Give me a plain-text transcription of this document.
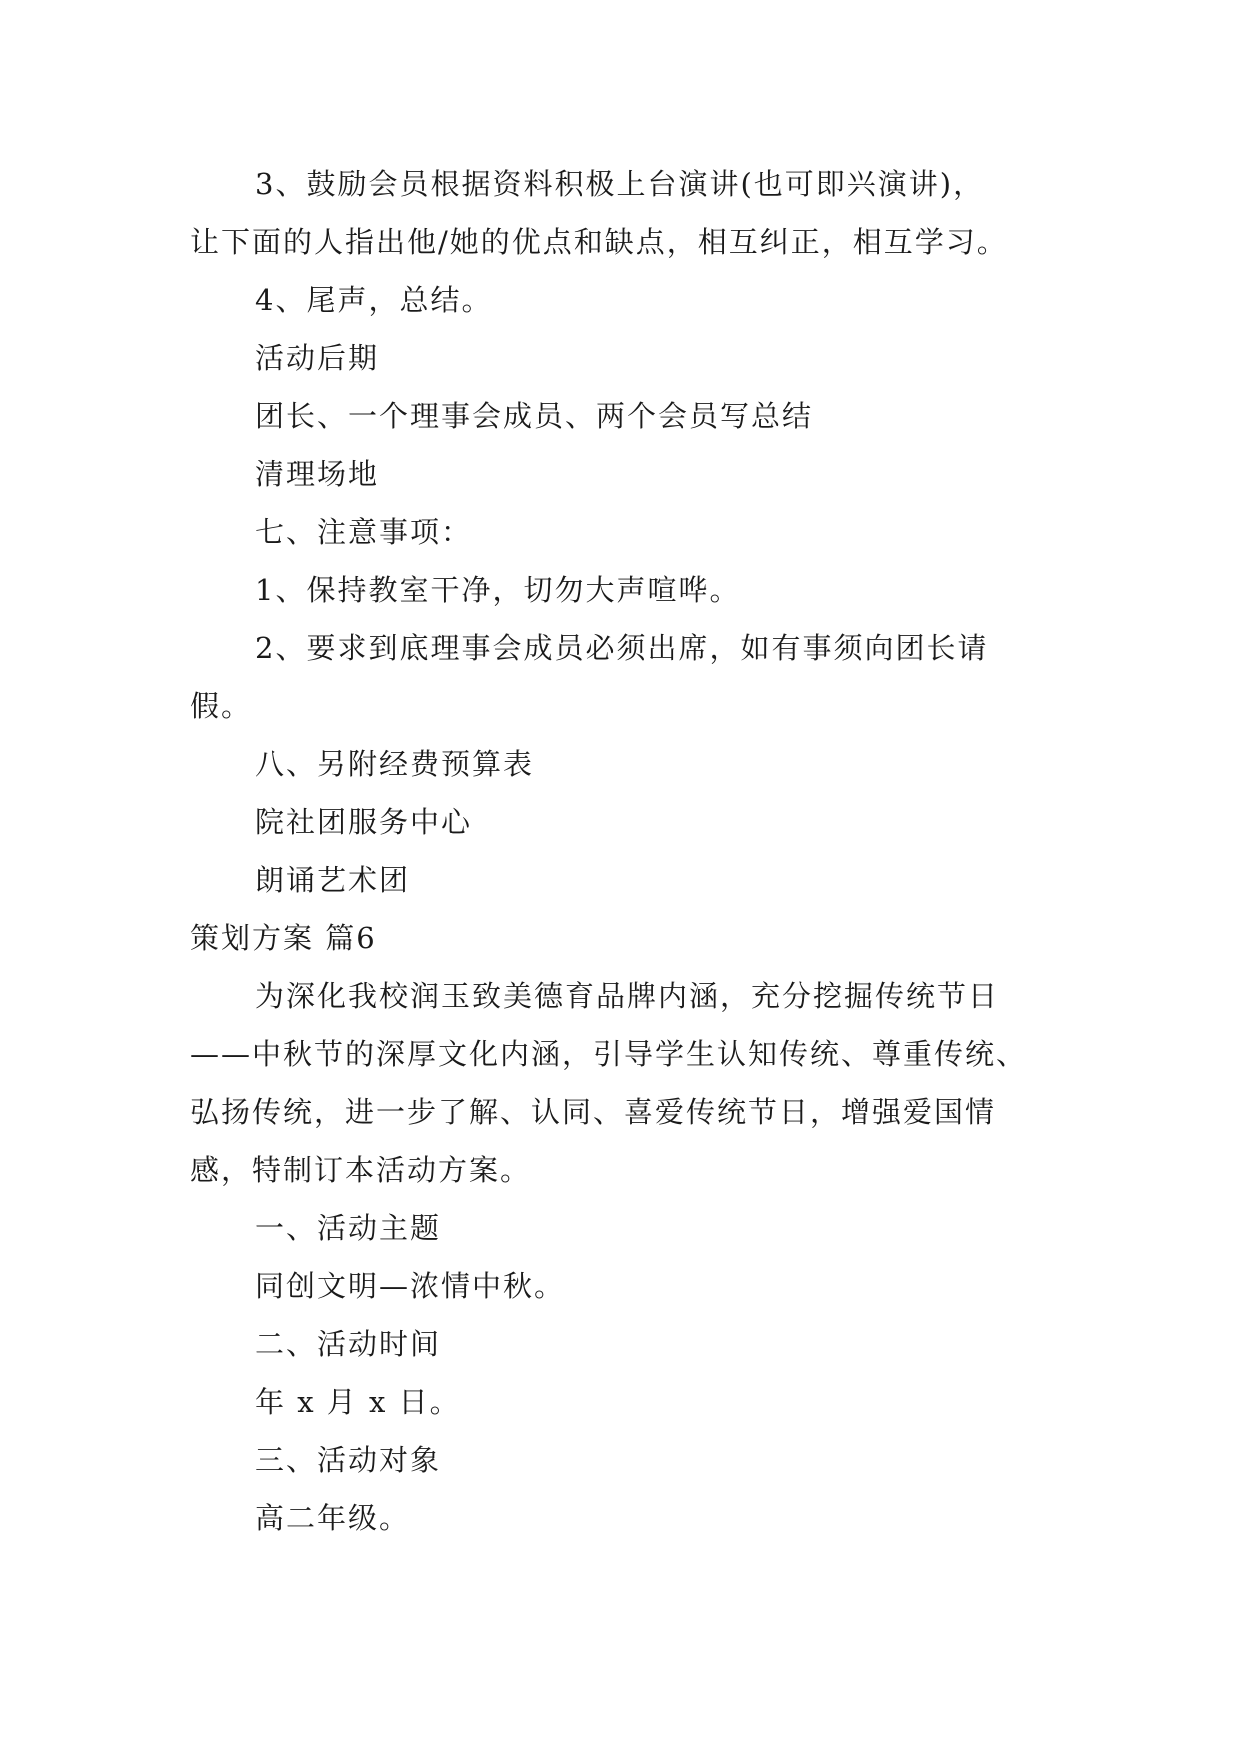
3、鼓励会员根据资料积极上台演讲(也可即兴演讲)，
让下面的人指出他/她的优点和缺点，相互纠正，相互学习。
4、尾声，总结。
活动后期
团长、一个理事会成员、两个会员写总结
清理场地
七、注意事项：
1、保持教室干净，切勿大声喧哗。
2、要求到底理事会成员必须出席，如有事须向团长请
假。
八、另附经费预算表
院社团服务中心
朗诵艺术团
策划方案 篇6
为深化我校润玉致美德育品牌内涵，充分挖掘传统节日
——中秋节的深厚文化内涵，引导学生认知传统、尊重传统、
弘扬传统，进一步了解、认同、喜爱传统节日，增强爱国情
感，特制订本活动方案。
一、活动主题
同创文明—浓情中秋。
二、活动时间
年 x 月 x 日。
三、活动对象
高二年级。
